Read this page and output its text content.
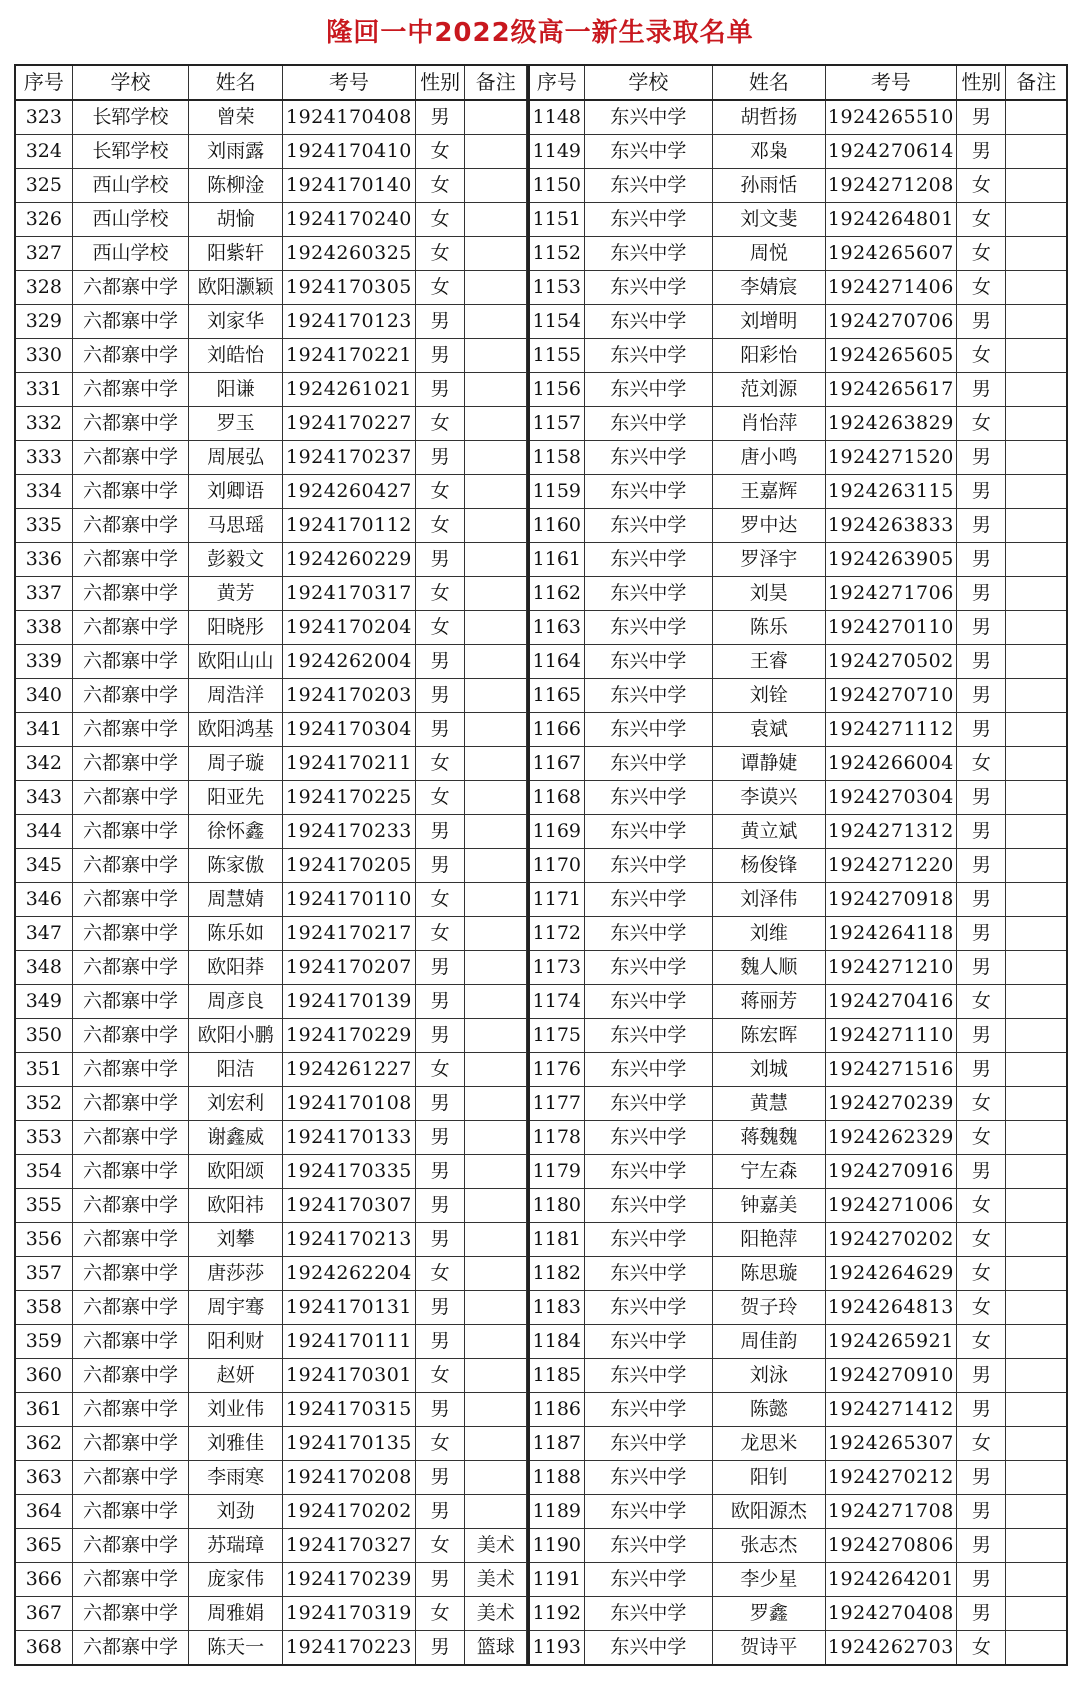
隆回一中2022级高一新生录取名单
序号	学校	姓名	考号	性别	备注
323	长郓学校	曾荣	1924170408	男	
324	长郓学校	刘雨露	1924170410	女	
325	西山学校	陈柳淦	1924170140	女	
326	西山学校	胡愉	1924170240	女	
327	西山学校	阳紫轩	1924260325	女	
328	六都寨中学	欧阳灏颖	1924170305	女	
329	六都寨中学	刘家华	1924170123	男	
330	六都寨中学	刘皓怡	1924170221	男	
331	六都寨中学	阳谦	1924261021	男	
332	六都寨中学	罗玉	1924170227	女	
333	六都寨中学	周展弘	1924170237	男	
334	六都寨中学	刘卿语	1924260427	女	
335	六都寨中学	马思瑶	1924170112	女	
336	六都寨中学	彭毅文	1924260229	男	
337	六都寨中学	黄芳	1924170317	女	
338	六都寨中学	阳晓彤	1924170204	女	
339	六都寨中学	欧阳山山	1924262004	男	
340	六都寨中学	周浩洋	1924170203	男	
341	六都寨中学	欧阳鸿基	1924170304	男	
342	六都寨中学	周子璇	1924170211	女	
343	六都寨中学	阳亚先	1924170225	女	
344	六都寨中学	徐怀鑫	1924170233	男	
345	六都寨中学	陈家傲	1924170205	男	
346	六都寨中学	周慧婧	1924170110	女	
347	六都寨中学	陈乐如	1924170217	女	
348	六都寨中学	欧阳莽	1924170207	男	
349	六都寨中学	周彦良	1924170139	男	
350	六都寨中学	欧阳小鹏	1924170229	男	
351	六都寨中学	阳洁	1924261227	女	
352	六都寨中学	刘宏利	1924170108	男	
353	六都寨中学	谢鑫威	1924170133	男	
354	六都寨中学	欧阳颂	1924170335	男	
355	六都寨中学	欧阳祎	1924170307	男	
356	六都寨中学	刘攀	1924170213	男	
357	六都寨中学	唐莎莎	1924262204	女	
358	六都寨中学	周宇骞	1924170131	男	
359	六都寨中学	阳利财	1924170111	男	
360	六都寨中学	赵妍	1924170301	女	
361	六都寨中学	刘业伟	1924170315	男	
362	六都寨中学	刘雅佳	1924170135	女	
363	六都寨中学	李雨寒	1924170208	男	
364	六都寨中学	刘劲	1924170202	男	
365	六都寨中学	苏瑞璋	1924170327	女	美术
366	六都寨中学	庞家伟	1924170239	男	美术
367	六都寨中学	周雅娟	1924170319	女	美术
368	六都寨中学	陈天一	1924170223	男	篮球
序号	学校	姓名	考号	性别	备注
1148	东兴中学	胡哲扬	1924265510	男	
1149	东兴中学	邓枭	1924270614	男	
1150	东兴中学	孙雨恬	1924271208	女	
1151	东兴中学	刘文斐	1924264801	女	
1152	东兴中学	周悦	1924265607	女	
1153	东兴中学	李婧宸	1924271406	女	
1154	东兴中学	刘增明	1924270706	男	
1155	东兴中学	阳彩怡	1924265605	女	
1156	东兴中学	范刘源	1924265617	男	
1157	东兴中学	肖怡萍	1924263829	女	
1158	东兴中学	唐小鸣	1924271520	男	
1159	东兴中学	王嘉辉	1924263115	男	
1160	东兴中学	罗中达	1924263833	男	
1161	东兴中学	罗泽宇	1924263905	男	
1162	东兴中学	刘昊	1924271706	男	
1163	东兴中学	陈乐	1924270110	男	
1164	东兴中学	王睿	1924270502	男	
1165	东兴中学	刘铨	1924270710	男	
1166	东兴中学	袁斌	1924271112	男	
1167	东兴中学	谭静婕	1924266004	女	
1168	东兴中学	李谟兴	1924270304	男	
1169	东兴中学	黄立斌	1924271312	男	
1170	东兴中学	杨俊锋	1924271220	男	
1171	东兴中学	刘泽伟	1924270918	男	
1172	东兴中学	刘维	1924264118	男	
1173	东兴中学	魏人顺	1924271210	男	
1174	东兴中学	蒋丽芳	1924270416	女	
1175	东兴中学	陈宏晖	1924271110	男	
1176	东兴中学	刘城	1924271516	男	
1177	东兴中学	黄慧	1924270239	女	
1178	东兴中学	蒋魏魏	1924262329	女	
1179	东兴中学	宁左森	1924270916	男	
1180	东兴中学	钟嘉美	1924271006	女	
1181	东兴中学	阳艳萍	1924270202	女	
1182	东兴中学	陈思璇	1924264629	女	
1183	东兴中学	贺子玲	1924264813	女	
1184	东兴中学	周佳韵	1924265921	女	
1185	东兴中学	刘泳	1924270910	男	
1186	东兴中学	陈懿	1924271412	男	
1187	东兴中学	龙思米	1924265307	女	
1188	东兴中学	阳钊	1924270212	男	
1189	东兴中学	欧阳源杰	1924271708	男	
1190	东兴中学	张志杰	1924270806	男	
1191	东兴中学	李少星	1924264201	男	
1192	东兴中学	罗鑫	1924270408	男	
1193	东兴中学	贺诗平	1924262703	女	
